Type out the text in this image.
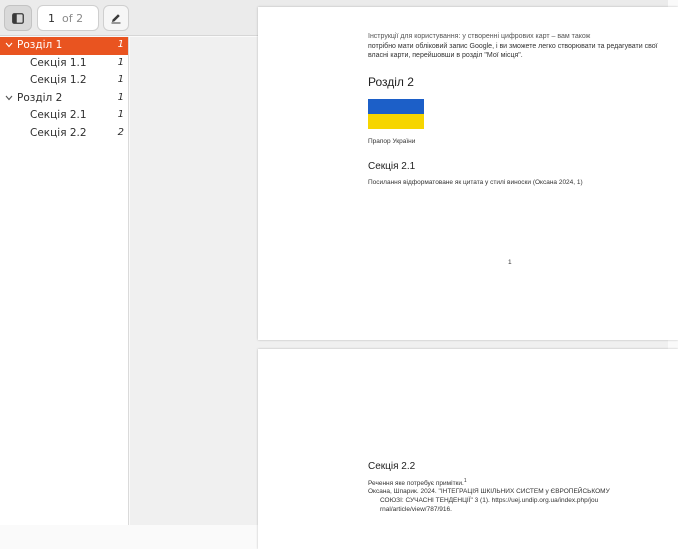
1 of 2
Розділ 1	1
Секція 1.1	1
Секція 1.2	1
Розділ 2	1
Секція 2.1	1
Секція 2.2	2
Інструкції для користування: у створенні цифрових карт – вам також
потрібно мати обліковий запис Google, і ви зможете легко створювати та редагувати свої власні карти, перейшовши в розділ "Мої місця".
Розділ 2
Прапор України
Секція 2.1
Посилання відформатоване як цитата у стилі виноски (Оксана 2024, 1)
1
Секція 2.2
Речення яке потребує примітки.$^1$
Оксана, Шпарик. 2024. "ІНТЕГРАЦІЯ ШКІЛЬНИХ СИСТЕМ у ЄВРОПЕЙСЬКОМУ
СОЮЗІ: СУЧАСНІ ТЕНДЕНЦІЇ" 3 (1). https://uej.undip.org.ua/index.php/jou
rnal/article/view/787/916.
